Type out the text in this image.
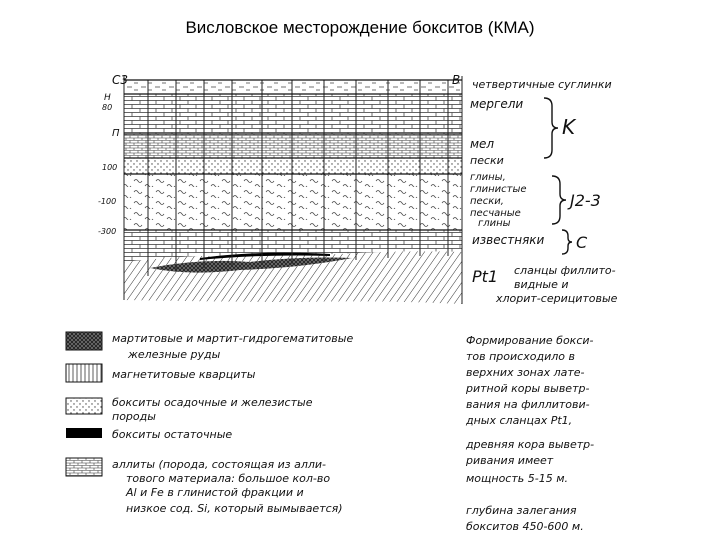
Висловское месторождение бокситов (КМА)
С3
Н
П
В
80
100
-100
-300
четвертичные суглинки
мергели
мел
пески
глины,
глинистые
пески,
песчаные
глины
известняки
сланцы филлито-
видные и
хлорит-серицитовые
K
J2-3
C
Pt1
мартитовые и мартит-гидрогематитовые
железные руды
магнетитовые кварциты
бокситы осадочные и железистые
породы
бокситы остаточные
аллиты (порода, состоящая из алли-
тового материала: большое кол-во
Al и Fe в глинистой фракции и
низкое сод. Si, который вымывается)
Формирование бокси-
тов происходило в
верхних зонах лате-
ритной коры выветр-
вания на филлитови-
дных сланцах Pt1,
древняя кора выветр-
ривания имеет
мощность 5-15 м.
глубина залегания
бокситов 450-600 м.
